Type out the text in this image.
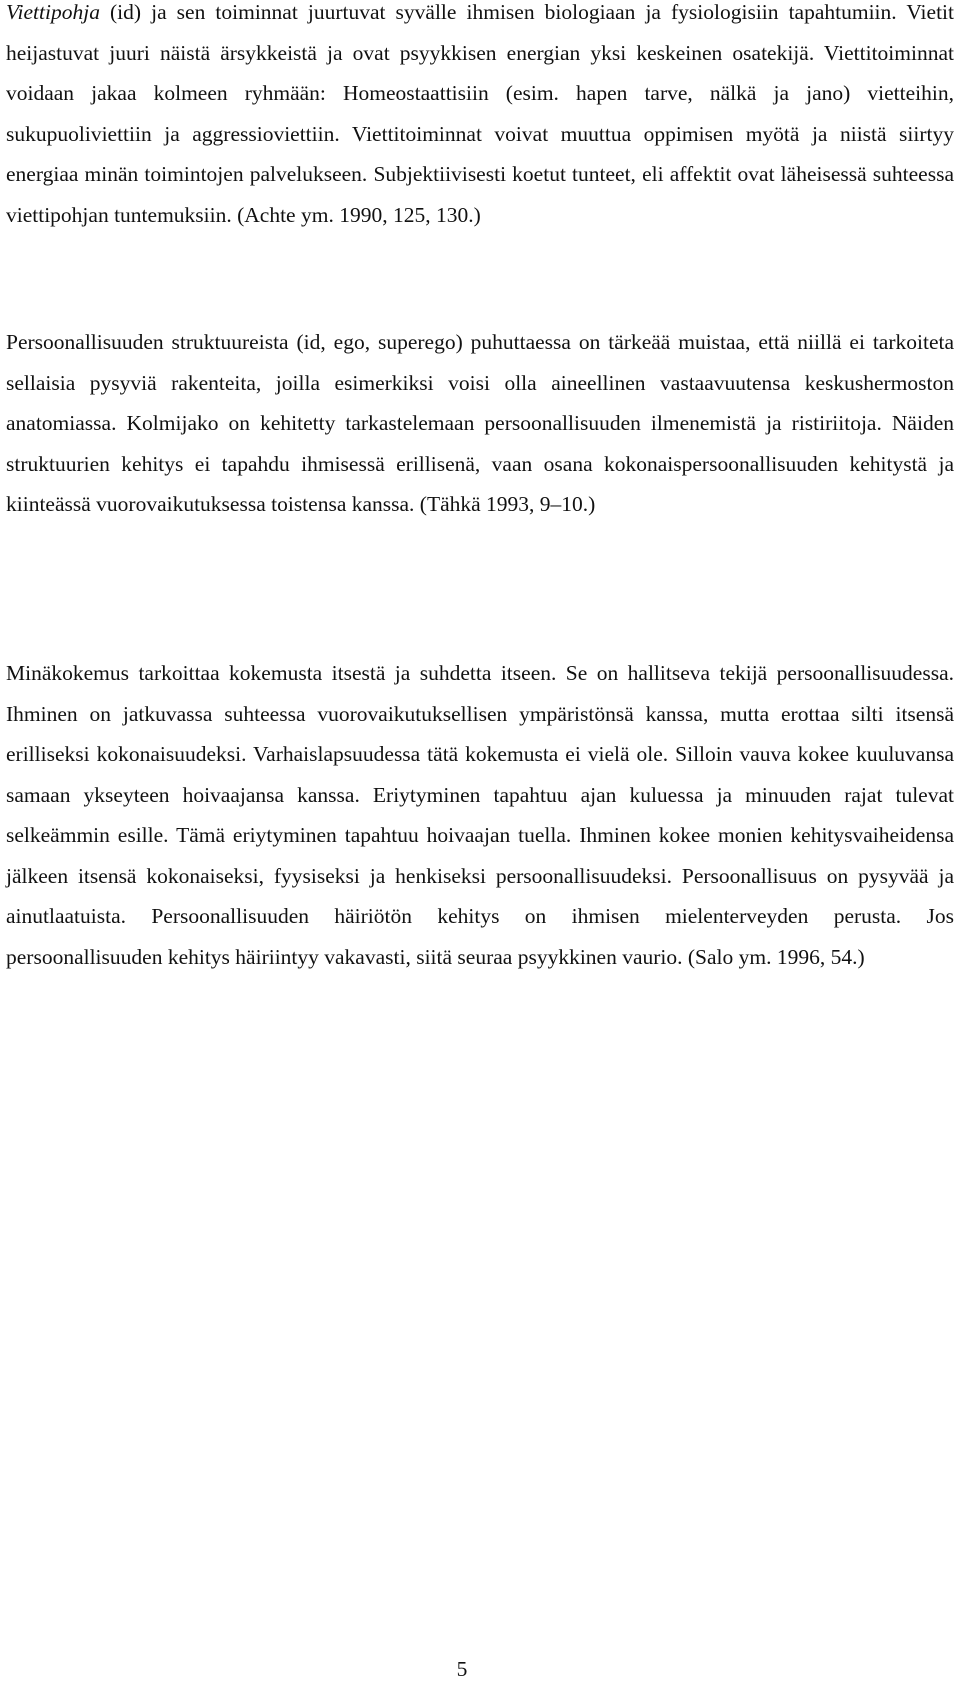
Viettipohja (id) ja sen toiminnat juurtuvat syvälle ihmisen biologiaan ja fysiologisiin tapahtumiin. Vietit heijastuvat juuri näistä ärsykkeistä ja ovat psyykkisen energian yksi keskeinen osatekijä. Viettitoiminnat voidaan jakaa kolmeen ryhmään: Homeostaattisiin (esim. hapen tarve, nälkä ja jano) vietteihin, sukupuoliviettiin ja aggressioviettiin. Viettitoiminnat voivat muuttua oppimisen myötä ja niistä siirtyy energiaa minän toimintojen palvelukseen. Subjektiivisesti koetut tunteet, eli affektit ovat läheisessä suhteessa viettipohjan tuntemuksiin. (Achte ym. 1990, 125, 130.)

Persoonallisuuden struktuureista (id, ego, superego) puhuttaessa on tärkeää muistaa, että niillä ei tarkoiteta sellaisia pysyviä rakenteita, joilla esimerkiksi voisi olla aineellinen vastaavuutensa keskushermoston anatomiassa. Kolmijako on kehitetty tarkastelemaan persoonallisuuden ilmenemistä ja ristiriitoja. Näiden struktuurien kehitys ei tapahdu ihmisessä erillisenä, vaan osana kokonaispersoonallisuuden kehitystä ja kiinteässä vuorovaikutuksessa toistensa kanssa. (Tähkä 1993, 9–10.)

Minäkokemus tarkoittaa kokemusta itsestä ja suhdetta itseen. Se on hallitseva tekijä persoonallisuudessa. Ihminen on jatkuvassa suhteessa vuorovaikutuksellisen ympäristönsä kanssa, mutta erottaa silti itsensä erilliseksi kokonaisuudeksi. Varhaislapsuudessa tätä kokemusta ei vielä ole. Silloin vauva kokee kuuluvansa samaan ykseyteen hoivaajansa kanssa. Eriytyminen tapahtuu ajan kuluessa ja minuuden rajat tulevat selkeämmin esille. Tämä eriytyminen tapahtuu hoivaajan tuella. Ihminen kokee monien kehitysvaiheidensa jälkeen itsensä kokonaiseksi, fyysiseksi ja henkiseksi persoonallisuudeksi. Persoonallisuus on pysyvää ja ainutlaatuista. Persoonallisuuden häiriötön kehitys on ihmisen mielenterveyden perusta. Jos persoonallisuuden kehitys häiriintyy vakavasti, siitä seuraa psyykkinen vaurio. (Salo ym. 1996, 54.)

5
